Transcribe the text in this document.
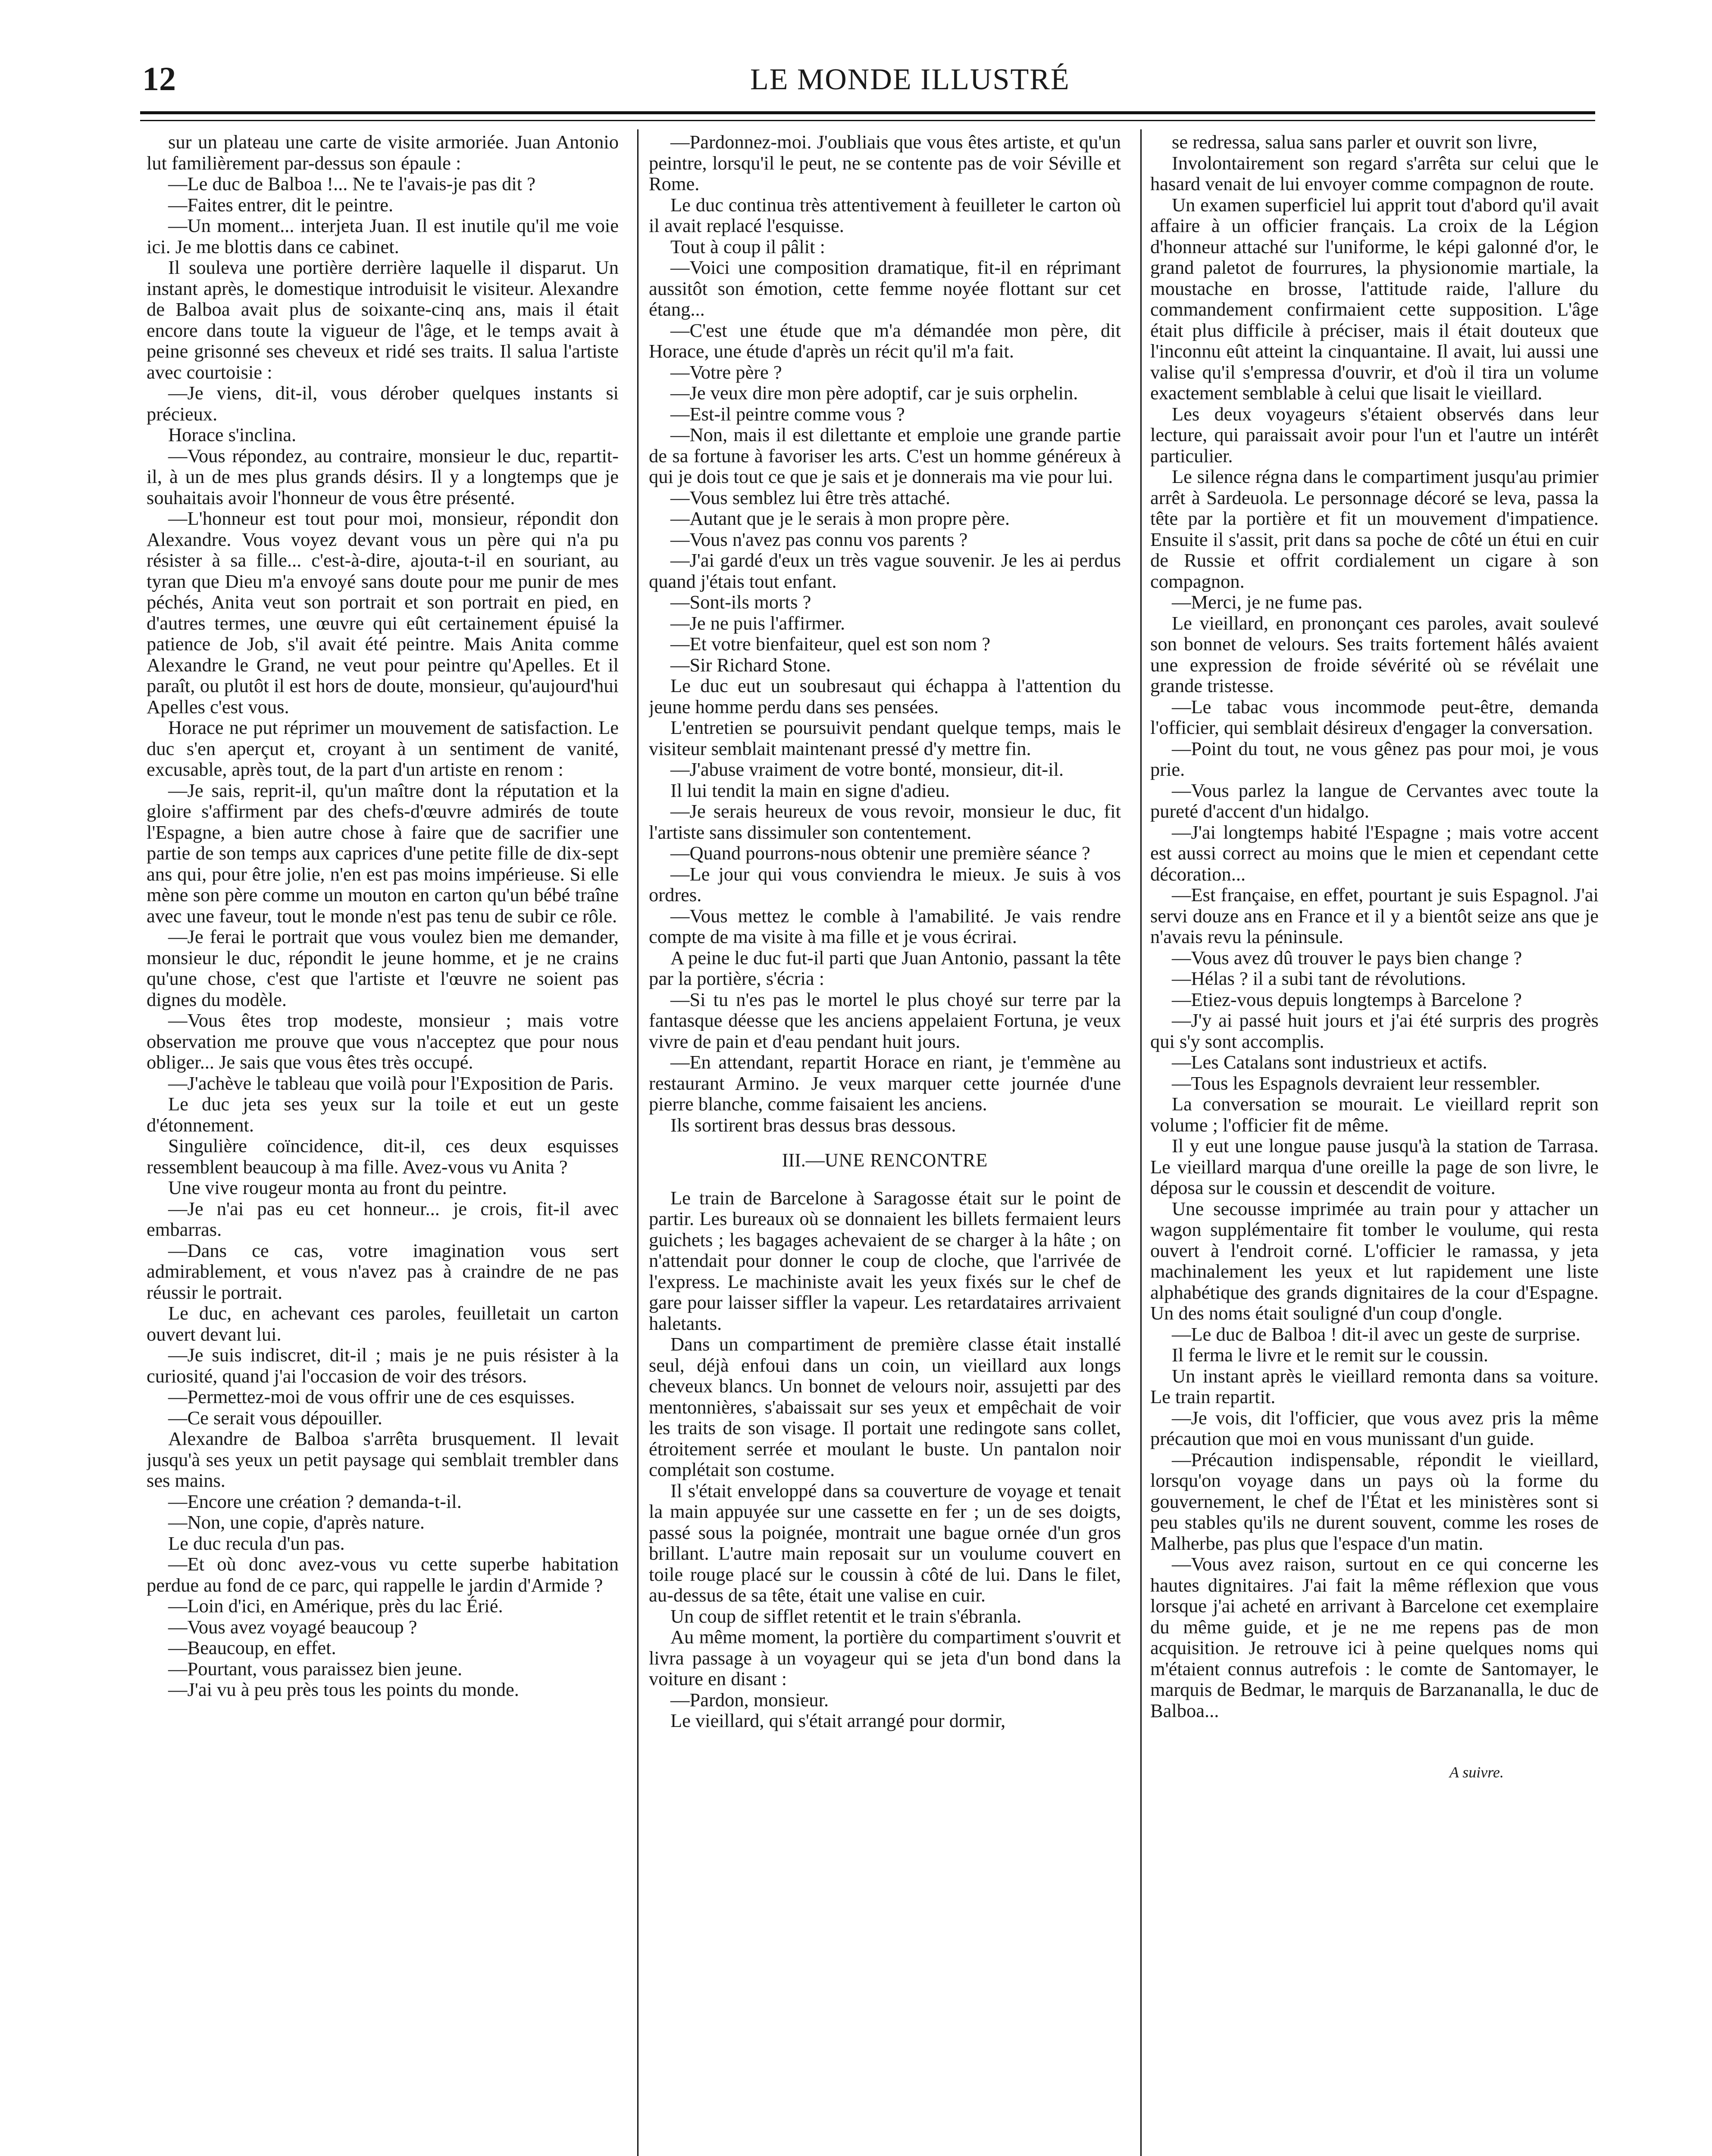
12	LE MONDE ILLUSTRÉ

sur un plateau une carte de visite armoriée. Juan Antonio lut familièrement par-dessus son épaule :

—Le duc de Balboa !... Ne te l'avais-je pas dit ?

—Faites entrer, dit le peintre.

—Un moment... interjeta Juan. Il est inutile qu'il me voie ici. Je me blottis dans ce cabinet.

Il souleva une portière derrière laquelle il disparut. Un instant après, le domestique introduisit le visiteur. Alexandre de Balboa avait plus de soixante-cinq ans, mais il était encore dans toute la vigueur de l'âge, et le temps avait à peine grisonné ses cheveux et ridé ses traits. Il salua l'artiste avec courtoisie :

—Je viens, dit-il, vous dérober quelques instants si précieux.

Horace s'inclina.

—Vous répondez, au contraire, monsieur le duc, repartit-il, à un de mes plus grands désirs. Il y a longtemps que je souhaitais avoir l'honneur de vous être présenté.

—L'honneur est tout pour moi, monsieur, répondit don Alexandre. Vous voyez devant vous un père qui n'a pu résister à sa fille... c'est-à-dire, ajouta-t-il en souriant, au tyran que Dieu m'a envoyé sans doute pour me punir de mes péchés, Anita veut son portrait et son portrait en pied, en d'autres termes, une œuvre qui eût certainement épuisé la patience de Job, s'il avait été peintre. Mais Anita comme Alexandre le Grand, ne veut pour peintre qu'Apelles. Et il paraît, ou plutôt il est hors de doute, monsieur, qu'aujourd'hui Apelles c'est vous.

Horace ne put réprimer un mouvement de satisfaction. Le duc s'en aperçut et, croyant à un sentiment de vanité, excusable, après tout, de la part d'un artiste en renom :

—Je sais, reprit-il, qu'un maître dont la réputation et la gloire s'affirment par des chefs-d'œuvre admirés de toute l'Espagne, a bien autre chose à faire que de sacrifier une partie de son temps aux caprices d'une petite fille de dix-sept ans qui, pour être jolie, n'en est pas moins impérieuse. Si elle mène son père comme un mouton en carton qu'un bébé traîne avec une faveur, tout le monde n'est pas tenu de subir ce rôle.

—Je ferai le portrait que vous voulez bien me demander, monsieur le duc, répondit le jeune homme, et je ne crains qu'une chose, c'est que l'artiste et l'œuvre ne soient pas dignes du modèle.

—Vous êtes trop modeste, monsieur ; mais votre observation me prouve que vous n'acceptez que pour nous obliger... Je sais que vous êtes très occupé.

—J'achève le tableau que voilà pour l'Exposition de Paris.

Le duc jeta ses yeux sur la toile et eut un geste d'étonnement.

Singulière coïncidence, dit-il, ces deux esquisses ressemblent beaucoup à ma fille. Avez-vous vu Anita ?

Une vive rougeur monta au front du peintre.

—Je n'ai pas eu cet honneur... je crois, fit-il avec embarras.

—Dans ce cas, votre imagination vous sert admirablement, et vous n'avez pas à craindre de ne pas réussir le portrait.

Le duc, en achevant ces paroles, feuilletait un carton ouvert devant lui.

—Je suis indiscret, dit-il ; mais je ne puis résister à la curiosité, quand j'ai l'occasion de voir des trésors.

—Permettez-moi de vous offrir une de ces esquisses.

—Ce serait vous dépouiller.

Alexandre de Balboa s'arrêta brusquement. Il levait jusqu'à ses yeux un petit paysage qui semblait trembler dans ses mains.

—Encore une création ? demanda-t-il.

—Non, une copie, d'après nature.

Le duc recula d'un pas.

—Et où donc avez-vous vu cette superbe habitation perdue au fond de ce parc, qui rappelle le jardin d'Armide ?

—Loin d'ici, en Amérique, près du lac Érié.

—Vous avez voyagé beaucoup ?

—Beaucoup, en effet.

—Pourtant, vous paraissez bien jeune.

—J'ai vu à peu près tous les points du monde.

—Pardonnez-moi. J'oubliais que vous êtes artiste, et qu'un peintre, lorsqu'il le peut, ne se contente pas de voir Séville et Rome.

Le duc continua très attentivement à feuilleter le carton où il avait replacé l'esquisse.

Tout à coup il pâlit :

—Voici une composition dramatique, fit-il en réprimant aussitôt son émotion, cette femme noyée flottant sur cet étang...

—C'est une étude que m'a démandée mon père, dit Horace, une étude d'après un récit qu'il m'a fait.

—Votre père ?

—Je veux dire mon père adoptif, car je suis orphelin.

—Est-il peintre comme vous ?

—Non, mais il est dilettante et emploie une grande partie de sa fortune à favoriser les arts. C'est un homme généreux à qui je dois tout ce que je sais et je donnerais ma vie pour lui.

—Vous semblez lui être très attaché.

—Autant que je le serais à mon propre père.

—Vous n'avez pas connu vos parents ?

—J'ai gardé d'eux un très vague souvenir. Je les ai perdus quand j'étais tout enfant.

—Sont-ils morts ?

—Je ne puis l'affirmer.

—Et votre bienfaiteur, quel est son nom ?

—Sir Richard Stone.

Le duc eut un soubresaut qui échappa à l'attention du jeune homme perdu dans ses pensées.

L'entretien se poursuivit pendant quelque temps, mais le visiteur semblait maintenant pressé d'y mettre fin.

—J'abuse vraiment de votre bonté, monsieur, dit-il.

Il lui tendit la main en signe d'adieu.

—Je serais heureux de vous revoir, monsieur le duc, fit l'artiste sans dissimuler son contentement.

—Quand pourrons-nous obtenir une première séance ?

—Le jour qui vous conviendra le mieux. Je suis à vos ordres.

—Vous mettez le comble à l'amabilité. Je vais rendre compte de ma visite à ma fille et je vous écrirai.

A peine le duc fut-il parti que Juan Antonio, passant la tête par la portière, s'écria :

—Si tu n'es pas le mortel le plus choyé sur terre par la fantasque déesse que les anciens appelaient Fortuna, je veux vivre de pain et d'eau pendant huit jours.

—En attendant, repartit Horace en riant, je t'emmène au restaurant Armino. Je veux marquer cette journée d'une pierre blanche, comme faisaient les anciens.

Ils sortirent bras dessus bras dessous.

III.—UNE RENCONTRE

Le train de Barcelone à Saragosse était sur le point de partir. Les bureaux où se donnaient les billets fermaient leurs guichets ; les bagages achevaient de se charger à la hâte ; on n'attendait pour donner le coup de cloche, que l'arrivée de l'express. Le machiniste avait les yeux fixés sur le chef de gare pour laisser siffler la vapeur. Les retardataires arrivaient haletants.

Dans un compartiment de première classe était installé seul, déjà enfoui dans un coin, un vieillard aux longs cheveux blancs. Un bonnet de velours noir, assujetti par des mentonnières, s'abaissait sur ses yeux et empêchait de voir les traits de son visage. Il portait une redingote sans collet, étroitement serrée et moulant le buste. Un pantalon noir complétait son costume.

Il s'était enveloppé dans sa couverture de voyage et tenait la main appuyée sur une cassette en fer ; un de ses doigts, passé sous la poignée, montrait une bague ornée d'un gros brillant. L'autre main reposait sur un voulume couvert en toile rouge placé sur le coussin à côté de lui. Dans le filet, au-dessus de sa tête, était une valise en cuir.

Un coup de sifflet retentit et le train s'ébranla.

Au même moment, la portière du compartiment s'ouvrit et livra passage à un voyageur qui se jeta d'un bond dans la voiture en disant :

—Pardon, monsieur.

Le vieillard, qui s'était arrangé pour dormir,

se redressa, salua sans parler et ouvrit son livre,

Involontairement son regard s'arrêta sur celui que le hasard venait de lui envoyer comme compagnon de route.

Un examen superficiel lui apprit tout d'abord qu'il avait affaire à un officier français. La croix de la Légion d'honneur attaché sur l'uniforme, le képi galonné d'or, le grand paletot de fourrures, la physionomie martiale, la moustache en brosse, l'attitude raide, l'allure du commandement confirmaient cette supposition. L'âge était plus difficile à préciser, mais il était douteux que l'inconnu eût atteint la cinquantaine. Il avait, lui aussi une valise qu'il s'empressa d'ouvrir, et d'où il tira un volume exactement semblable à celui que lisait le vieillard.

Les deux voyageurs s'étaient observés dans leur lecture, qui paraissait avoir pour l'un et l'autre un intérêt particulier.

Le silence régna dans le compartiment jusqu'au primier arrêt à Sardeuola. Le personnage décoré se leva, passa la tête par la portière et fit un mouvement d'impatience. Ensuite il s'assit, prit dans sa poche de côté un étui en cuir de Russie et offrit cordialement un cigare à son compagnon.

—Merci, je ne fume pas.

Le vieillard, en prononçant ces paroles, avait soulevé son bonnet de velours. Ses traits fortement hâlés avaient une expression de froide sévérité où se révélait une grande tristesse.

—Le tabac vous incommode peut-être, demanda l'officier, qui semblait désireux d'engager la conversation.

—Point du tout, ne vous gênez pas pour moi, je vous prie.

—Vous parlez la langue de Cervantes avec toute la pureté d'accent d'un hidalgo.

—J'ai longtemps habité l'Espagne ; mais votre accent est aussi correct au moins que le mien et cependant cette décoration...

—Est française, en effet, pourtant je suis Espagnol. J'ai servi douze ans en France et il y a bientôt seize ans que je n'avais revu la péninsule.

—Vous avez dû trouver le pays bien change ?

—Hélas ? il a subi tant de révolutions.

—Etiez-vous depuis longtemps à Barcelone ?

—J'y ai passé huit jours et j'ai été surpris des progrès qui s'y sont accomplis.

—Les Catalans sont industrieux et actifs.

—Tous les Espagnols devraient leur ressembler.

La conversation se mourait. Le vieillard reprit son volume ; l'officier fit de même.

Il y eut une longue pause jusqu'à la station de Tarrasa. Le vieillard marqua d'une oreille la page de son livre, le déposa sur le coussin et descendit de voiture.

Une secousse imprimée au train pour y attacher un wagon supplémentaire fit tomber le voulume, qui resta ouvert à l'endroit corné. L'officier le ramassa, y jeta machinalement les yeux et lut rapidement une liste alphabétique des grands dignitaires de la cour d'Espagne. Un des noms était souligné d'un coup d'ongle.

—Le duc de Balboa ! dit-il avec un geste de surprise.

Il ferma le livre et le remit sur le coussin.

Un instant après le vieillard remonta dans sa voiture. Le train repartit.

—Je vois, dit l'officier, que vous avez pris la même précaution que moi en vous munissant d'un guide.

—Précaution indispensable, répondit le vieillard, lorsqu'on voyage dans un pays où la forme du gouvernement, le chef de l'État et les ministères sont si peu stables qu'ils ne durent souvent, comme les roses de Malherbe, pas plus que l'espace d'un matin.

—Vous avez raison, surtout en ce qui concerne les hautes dignitaires. J'ai fait la même réflexion que vous lorsque j'ai acheté en arrivant à Barcelone cet exemplaire du même guide, et je ne me repens pas de mon acquisition. Je retrouve ici à peine quelques noms qui m'étaient connus autrefois : le comte de Santomayer, le marquis de Bedmar, le marquis de Barzananalla, le duc de Balboa...

A suivre.
